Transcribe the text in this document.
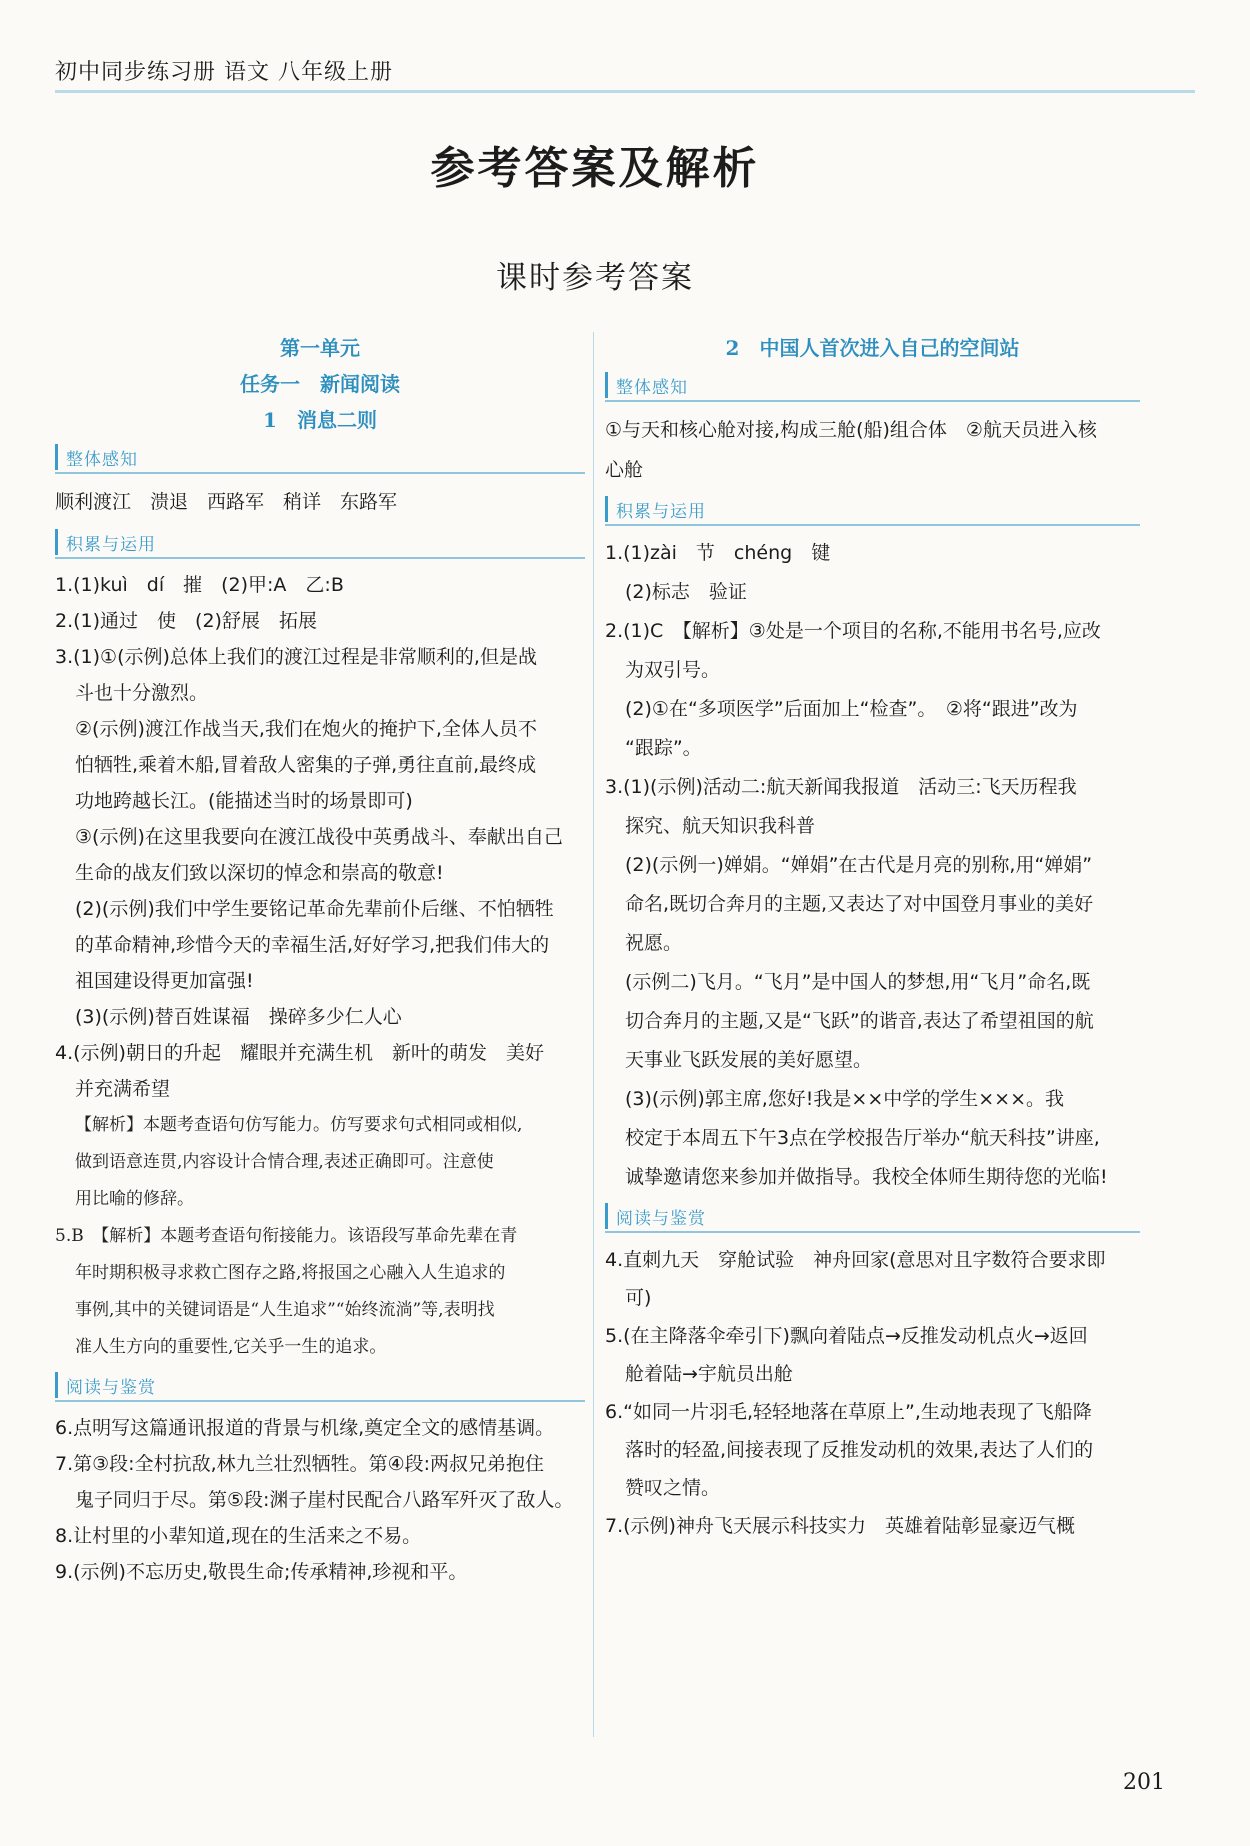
初中同步练习册 语文 八年级上册
参考答案及解析
课时参考答案
第一单元
任务一　新闻阅读
1　消息二则
整体感知
顺利渡江　溃退　西路军　稍详　东路军
积累与运用
1.(1)kuì　dí　摧　(2)甲:A　乙:B
2.(1)通过　使　(2)舒展　拓展
3.(1)①(示例)总体上我们的渡江过程是非常顺利的,但是战
斗也十分激烈。
②(示例)渡江作战当天,我们在炮火的掩护下,全体人员不
怕牺牲,乘着木船,冒着敌人密集的子弹,勇往直前,最终成
功地跨越长江。(能描述当时的场景即可)
③(示例)在这里我要向在渡江战役中英勇战斗、奉献出自己
生命的战友们致以深切的悼念和崇高的敬意!
(2)(示例)我们中学生要铭记革命先辈前仆后继、不怕牺牲
的革命精神,珍惜今天的幸福生活,好好学习,把我们伟大的
祖国建设得更加富强!
(3)(示例)替百姓谋福　操碎多少仁人心
4.(示例)朝日的升起　耀眼并充满生机　新叶的萌发　美好
并充满希望
【解析】本题考查语句仿写能力。仿写要求句式相同或相似,
做到语意连贯,内容设计合情合理,表述正确即可。注意使
用比喻的修辞。
5.B　【解析】本题考查语句衔接能力。该语段写革命先辈在青
年时期积极寻求救亡图存之路,将报国之心融入人生追求的
事例,其中的关键词语是“人生追求”“始终流淌”等,表明找
准人生方向的重要性,它关乎一生的追求。
阅读与鉴赏
6.点明写这篇通讯报道的背景与机缘,奠定全文的感情基调。
7.第③段:全村抗敌,林九兰壮烈牺牲。第④段:两叔兄弟抱住
鬼子同归于尽。第⑤段:渊子崖村民配合八路军歼灭了敌人。
8.让村里的小辈知道,现在的生活来之不易。
9.(示例)不忘历史,敬畏生命;传承精神,珍视和平。
2　中国人首次进入自己的空间站
整体感知
①与天和核心舱对接,构成三舱(船)组合体　②航天员进入核
心舱
积累与运用
1.(1)zài　节　chéng　键
(2)标志　验证
2.(1)C　【解析】③处是一个项目的名称,不能用书名号,应改
为双引号。
(2)①在“多项医学”后面加上“检查”。　②将“跟进”改为
“跟踪”。
3.(1)(示例)活动二:航天新闻我报道　活动三:飞天历程我
探究、航天知识我科普
(2)(示例一)婵娟。“婵娟”在古代是月亮的别称,用“婵娟”
命名,既切合奔月的主题,又表达了对中国登月事业的美好
祝愿。
(示例二)飞月。“飞月”是中国人的梦想,用“飞月”命名,既
切合奔月的主题,又是“飞跃”的谐音,表达了希望祖国的航
天事业飞跃发展的美好愿望。
(3)(示例)郭主席,您好!我是××中学的学生×××。我
校定于本周五下午3点在学校报告厅举办“航天科技”讲座,
诚挚邀请您来参加并做指导。我校全体师生期待您的光临!
阅读与鉴赏
4.直刺九天　穿舱试验　神舟回家(意思对且字数符合要求即
可)
5.(在主降落伞牵引下)飘向着陆点→反推发动机点火→返回
舱着陆→宇航员出舱
6.“如同一片羽毛,轻轻地落在草原上”,生动地表现了飞船降
落时的轻盈,间接表现了反推发动机的效果,表达了人们的
赞叹之情。
7.(示例)神舟飞天展示科技实力　英雄着陆彰显豪迈气概
201
